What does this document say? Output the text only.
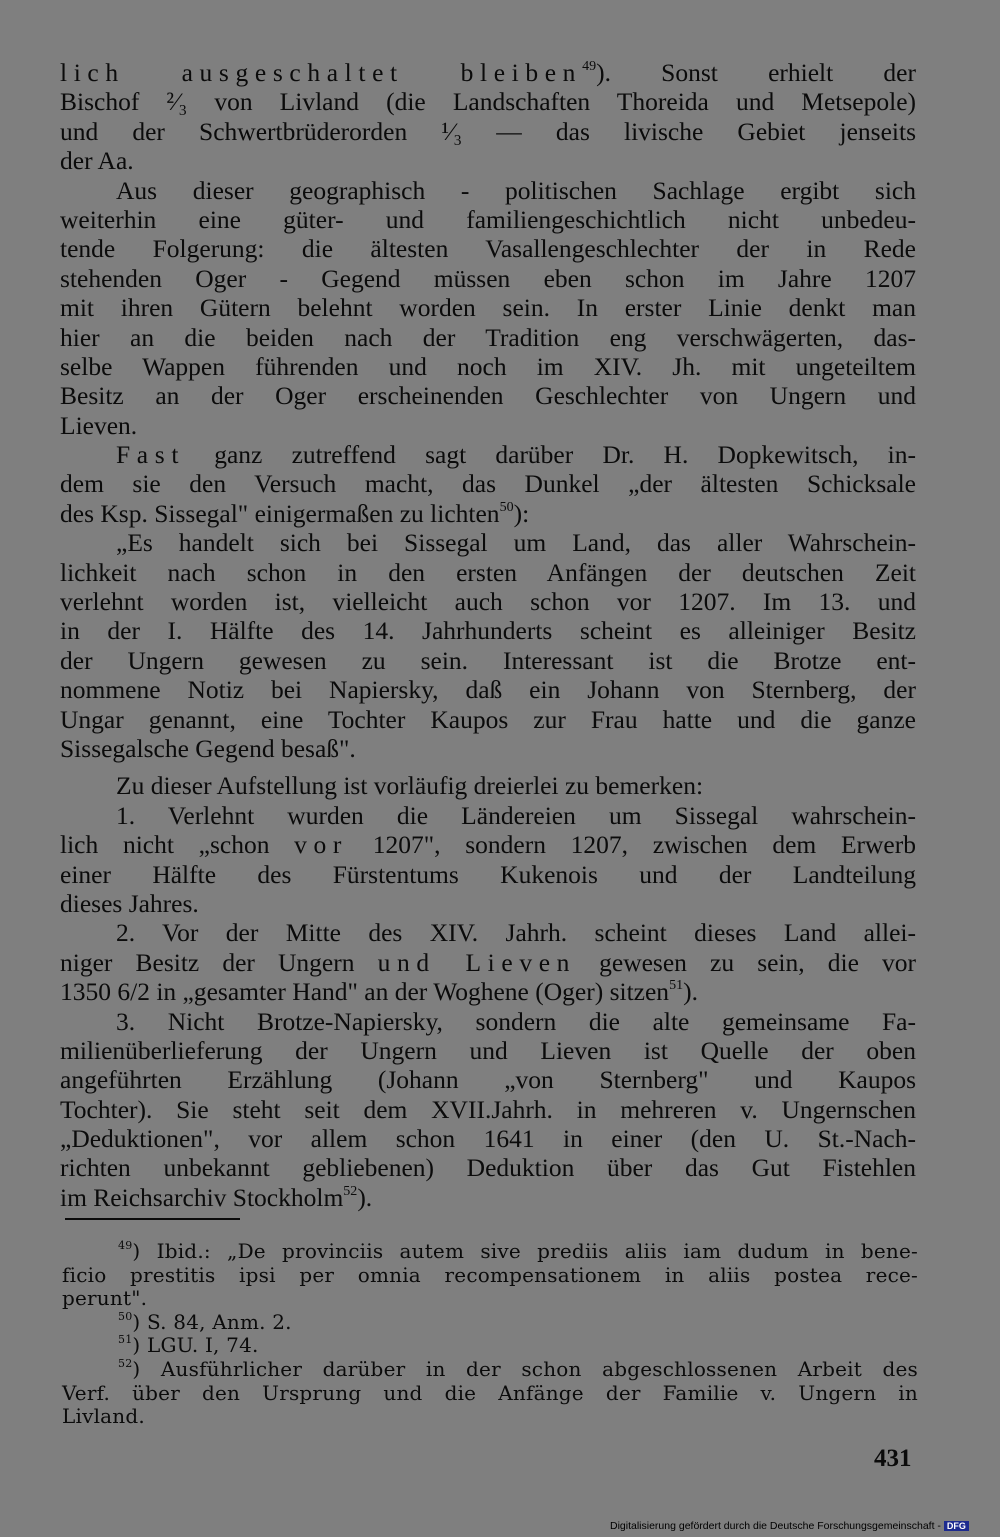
lich ausgeschaltet bleiben$^{49}$). Sonst erhielt der
Bischof ²⁄₃ von Livland (die Landschaften Thoreida und Metsepole)
und der Schwertbrüderorden ¹⁄₃ — das livische Gebiet jenseits
der Aa.
Aus dieser geographisch - politischen Sachlage ergibt sich
weiterhin eine güter- und familiengeschichtlich nicht unbedeu-
tende Folgerung: die ältesten Vasallengeschlechter der in Rede
stehenden Oger - Gegend müssen eben schon im Jahre 1207
mit ihren Gütern belehnt worden sein. In erster Linie denkt man
hier an die beiden nach der Tradition eng verschwägerten, das-
selbe Wappen führenden und noch im XIV. Jh. mit ungeteiltem
Besitz an der Oger erscheinenden Geschlechter von Ungern und
Lieven.
Fast ganz zutreffend sagt darüber Dr. H. Dopkewitsch, in-
dem sie den Versuch macht, das Dunkel „der ältesten Schicksale
des Ksp. Sissegal" einigermaßen zu lichten$^{50}$):
„Es handelt sich bei Sissegal um Land, das aller Wahrschein-
lichkeit nach schon in den ersten Anfängen der deutschen Zeit
verlehnt worden ist, vielleicht auch schon vor 1207. Im 13. und
in der I. Hälfte des 14. Jahrhunderts scheint es alleiniger Besitz
der Ungern gewesen zu sein. Interessant ist die Brotze ent-
nommene Notiz bei Napiersky, daß ein Johann von Sternberg, der
Ungar genannt, eine Tochter Kaupos zur Frau hatte und die ganze
Sissegalsche Gegend besaß".
Zu dieser Aufstellung ist vorläufig dreierlei zu bemerken:
1. Verlehnt wurden die Ländereien um Sissegal wahrschein-
lich nicht „schon vor 1207", sondern 1207, zwischen dem Erwerb
einer Hälfte des Fürstentums Kukenois und der Landteilung
dieses Jahres.
2. Vor der Mitte des XIV. Jahrh. scheint dieses Land allei-
niger Besitz der Ungern und Lieven gewesen zu sein, die vor
1350 6/2 in „gesamter Hand" an der Woghene (Oger) sitzen$^{51}$).
3. Nicht Brotze-Napiersky, sondern die alte gemeinsame Fa-
milienüberlieferung der Ungern und Lieven ist Quelle der oben
angeführten Erzählung (Johann „von Sternberg" und Kaupos
Tochter). Sie steht seit dem XVII.Jahrh. in mehreren v. Ungernschen
„Deduktionen", vor allem schon 1641 in einer (den U. St.-Nach-
richten unbekannt gebliebenen) Deduktion über das Gut Fistehlen
im Reichsarchiv Stockholm$^{52}$).
$^{49}$) Ibid.: „De provinciis autem sive prediis aliis iam dudum in bene-
ficio prestitis ipsi per omnia recompensationem in aliis postea rece-
perunt".
$^{50}$) S. 84, Anm. 2.
$^{51}$) LGU. I, 74.
$^{52}$) Ausführlicher darüber in der schon abgeschlossenen Arbeit des
Verf. über den Ursprung und die Anfänge der Familie v. Ungern in
Livland.
431
Digitalisierung gefördert durch die Deutsche Forschungsgemeinschaft - DFG
